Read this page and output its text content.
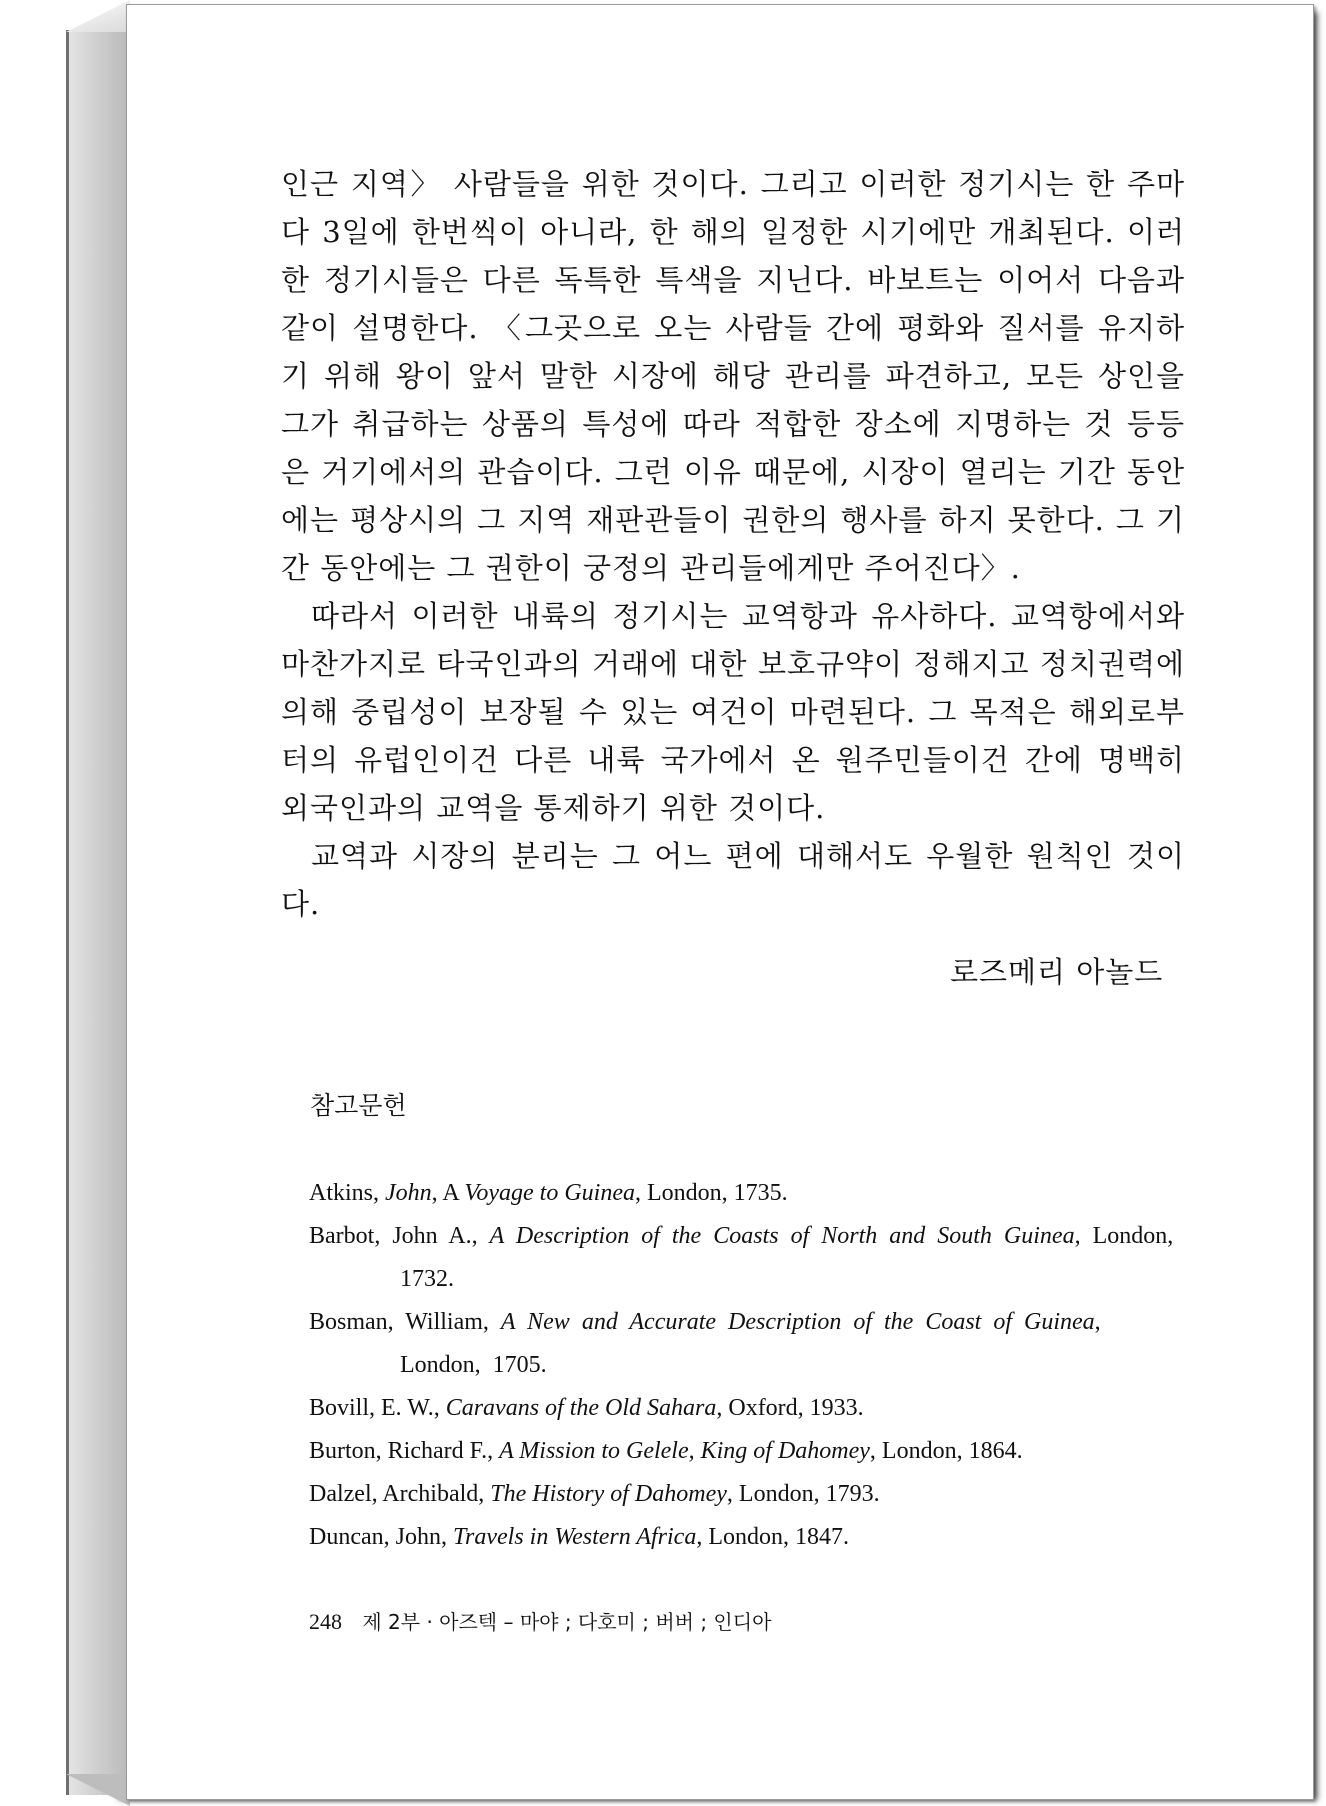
인근 지역〉 사람들을 위한 것이다. 그리고 이러한 정기시는 한 주마다 3일에 한번씩이 아니라, 한 해의 일정한 시기에만 개최된다. 이러한 정기시들은 다른 독특한 특색을 지닌다. 바보트는 이어서 다음과 같이 설명한다. 〈그곳으로 오는 사람들 간에 평화와 질서를 유지하기 위해 왕이 앞서 말한 시장에 해당 관리를 파견하고, 모든 상인을 그가 취급하는 상품의 특성에 따라 적합한 장소에 지명하는 것 등등은 거기에서의 관습이다. 그런 이유 때문에, 시장이 열리는 기간 동안에는 평상시의 그 지역 재판관들이 권한의 행사를 하지 못한다. 그 기간 동안에는 그 권한이 궁정의 관리들에게만 주어진다〉.

따라서 이러한 내륙의 정기시는 교역항과 유사하다. 교역항에서와 마찬가지로 타국인과의 거래에 대한 보호규약이 정해지고 정치권력에 의해 중립성이 보장될 수 있는 여건이 마련된다. 그 목적은 해외로부터의 유럽인이건 다른 내륙 국가에서 온 원주민들이건 간에 명백히 외국인과의 교역을 통제하기 위한 것이다.

교역과 시장의 분리는 그 어느 편에 대해서도 우월한 원칙인 것이다.

로즈메리 아놀드
참고문헌
Atkins, John, A Voyage to Guinea, London, 1735.
Barbot, John A., A Description of the Coasts of North and South Guinea, London, 1732.
Bosman, William, A New and Accurate Description of the Coast of Guinea, London, 1705.
Bovill, E. W., Caravans of the Old Sahara, Oxford, 1933.
Burton, Richard F., A Mission to Gelele, King of Dahomey, London, 1864.
Dalzel, Archibald, The History of Dahomey, London, 1793.
Duncan, John, Travels in Western Africa, London, 1847.
248 제 2부 · 아즈텍 – 마야 ; 다호미 ; 버버 ; 인디아
